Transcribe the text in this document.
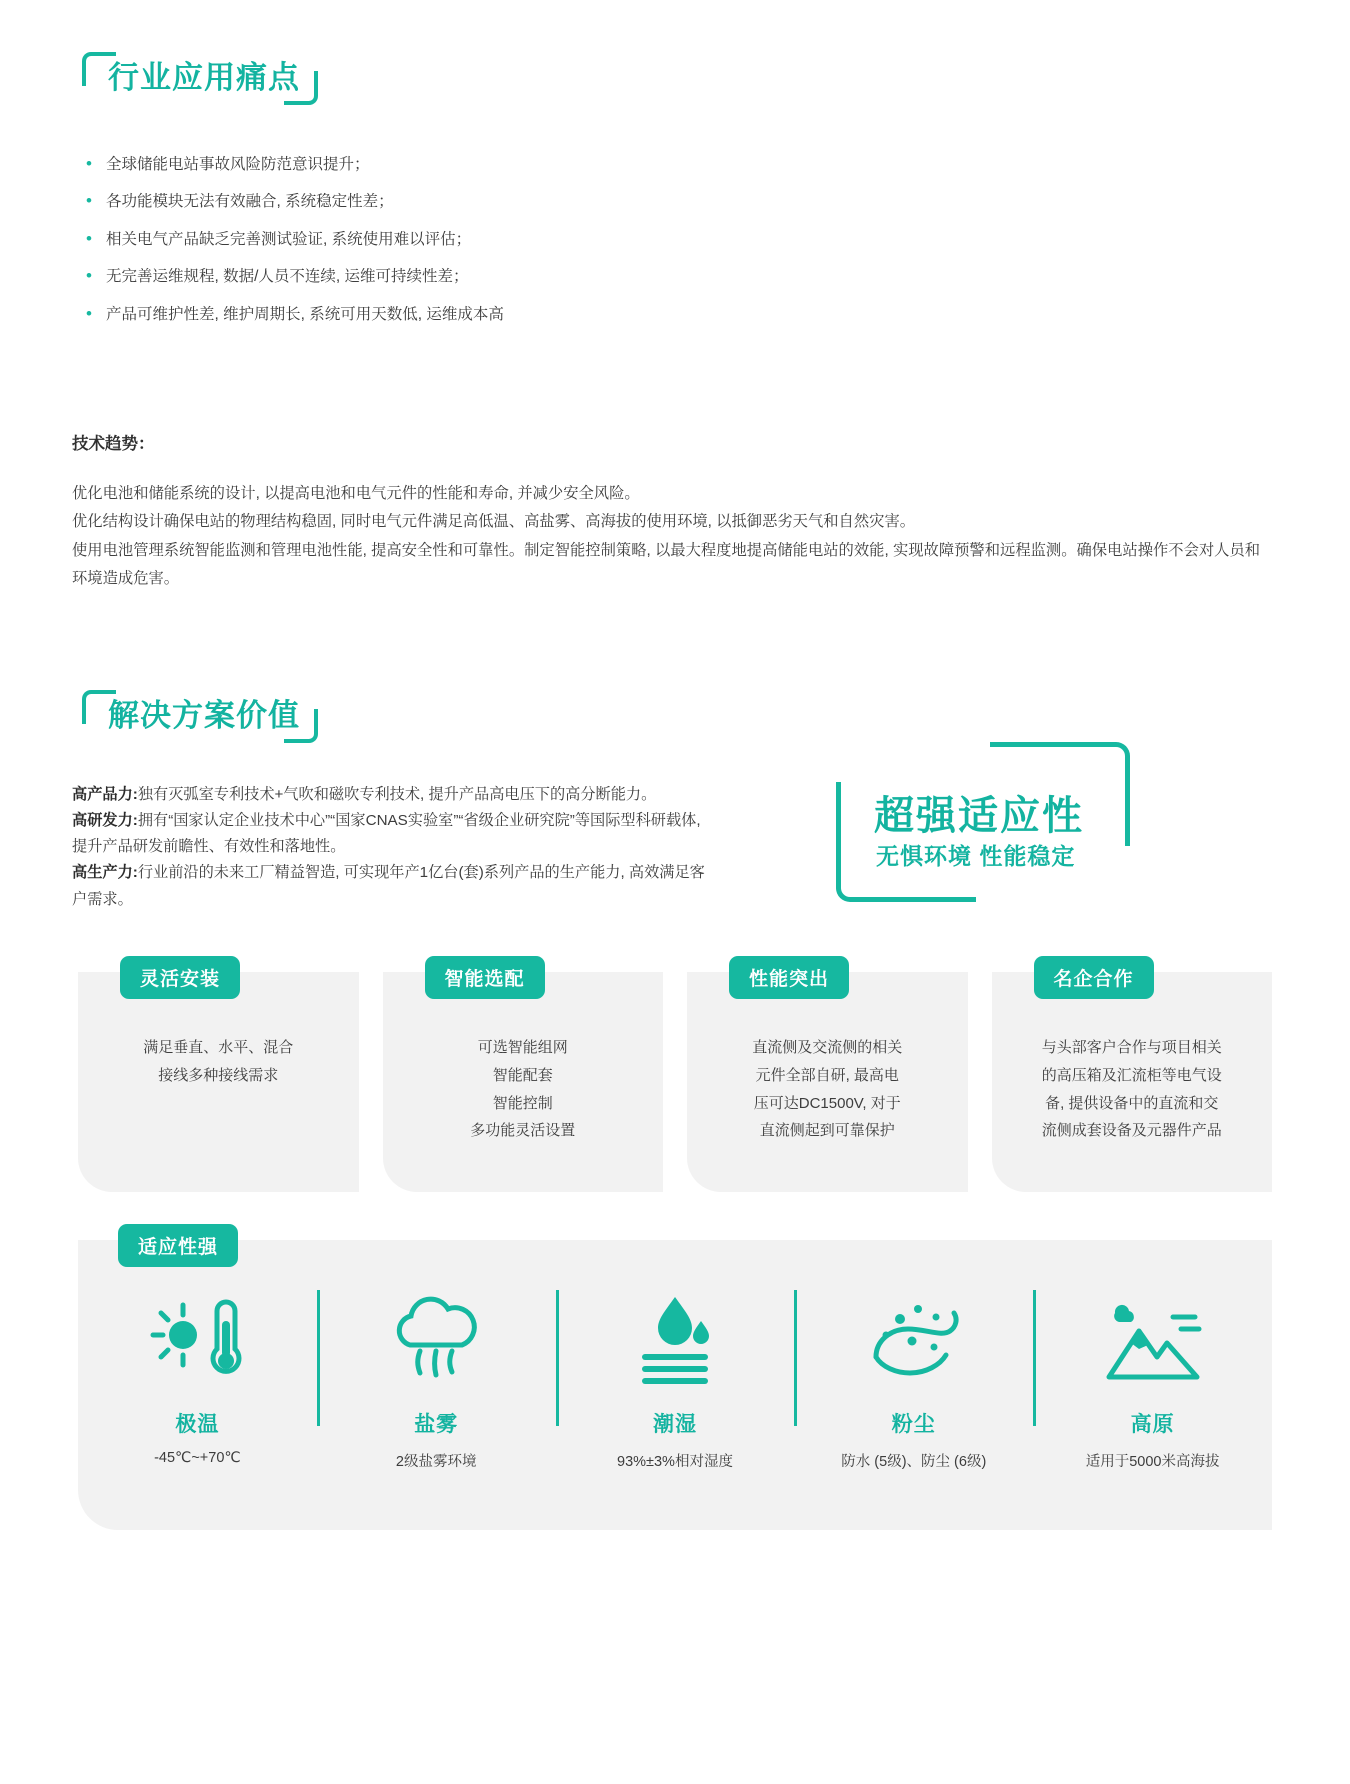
行业应用痛点
• 全球储能电站事故风险防范意识提升；
• 各功能模块无法有效融合, 系统稳定性差；
• 相关电气产品缺乏完善测试验证, 系统使用难以评估；
• 无完善运维规程, 数据/人员不连续, 运维可持续性差；
• 产品可维护性差, 维护周期长, 系统可用天数低, 运维成本高
技术趋势：
优化电池和储能系统的设计, 以提高电池和电气元件的性能和寿命, 并减少安全风险。
优化结构设计确保电站的物理结构稳固, 同时电气元件满足高低温、高盐雾、高海拔的使用环境, 以抵御恶劣天气和自然灾害。
使用电池管理系统智能监测和管理电池性能, 提高安全性和可靠性。制定智能控制策略, 以最大程度地提高储能电站的效能, 实现故障预警和远程监测。确保电站操作不会对人员和环境造成危害。
解决方案价值
高产品力:独有灭弧室专利技术+气吹和磁吹专利技术, 提升产品高电压下的高分断能力。
高研发力:拥有“国家认定企业技术中心”“国家CNAS实验室”“省级企业研究院”等国际型科研载体, 提升产品研发前瞻性、有效性和落地性。
高生产力:行业前沿的未来工厂精益智造, 可实现年产1亿台(套)系列产品的生产能力, 高效满足客户需求。
超强适应性
无惧环境 性能稳定
灵活安装
满足垂直、水平、混合
接线多种接线需求
智能选配
可选智能组网
智能配套
智能控制
多功能灵活设置
性能突出
直流侧及交流侧的相关
元件全部自研, 最高电
压可达DC1500V, 对于
直流侧起到可靠保护
名企合作
与头部客户合作与项目相关
的高压箱及汇流柜等电气设
备, 提供设备中的直流和交
流侧成套设备及元器件产品
适应性强
极温
-45℃~+70℃
盐雾
2级盐雾环境
潮湿
93%±3%相对湿度
粉尘
防水 (5级)、防尘 (6级)
高原
适用于5000米高海拔
